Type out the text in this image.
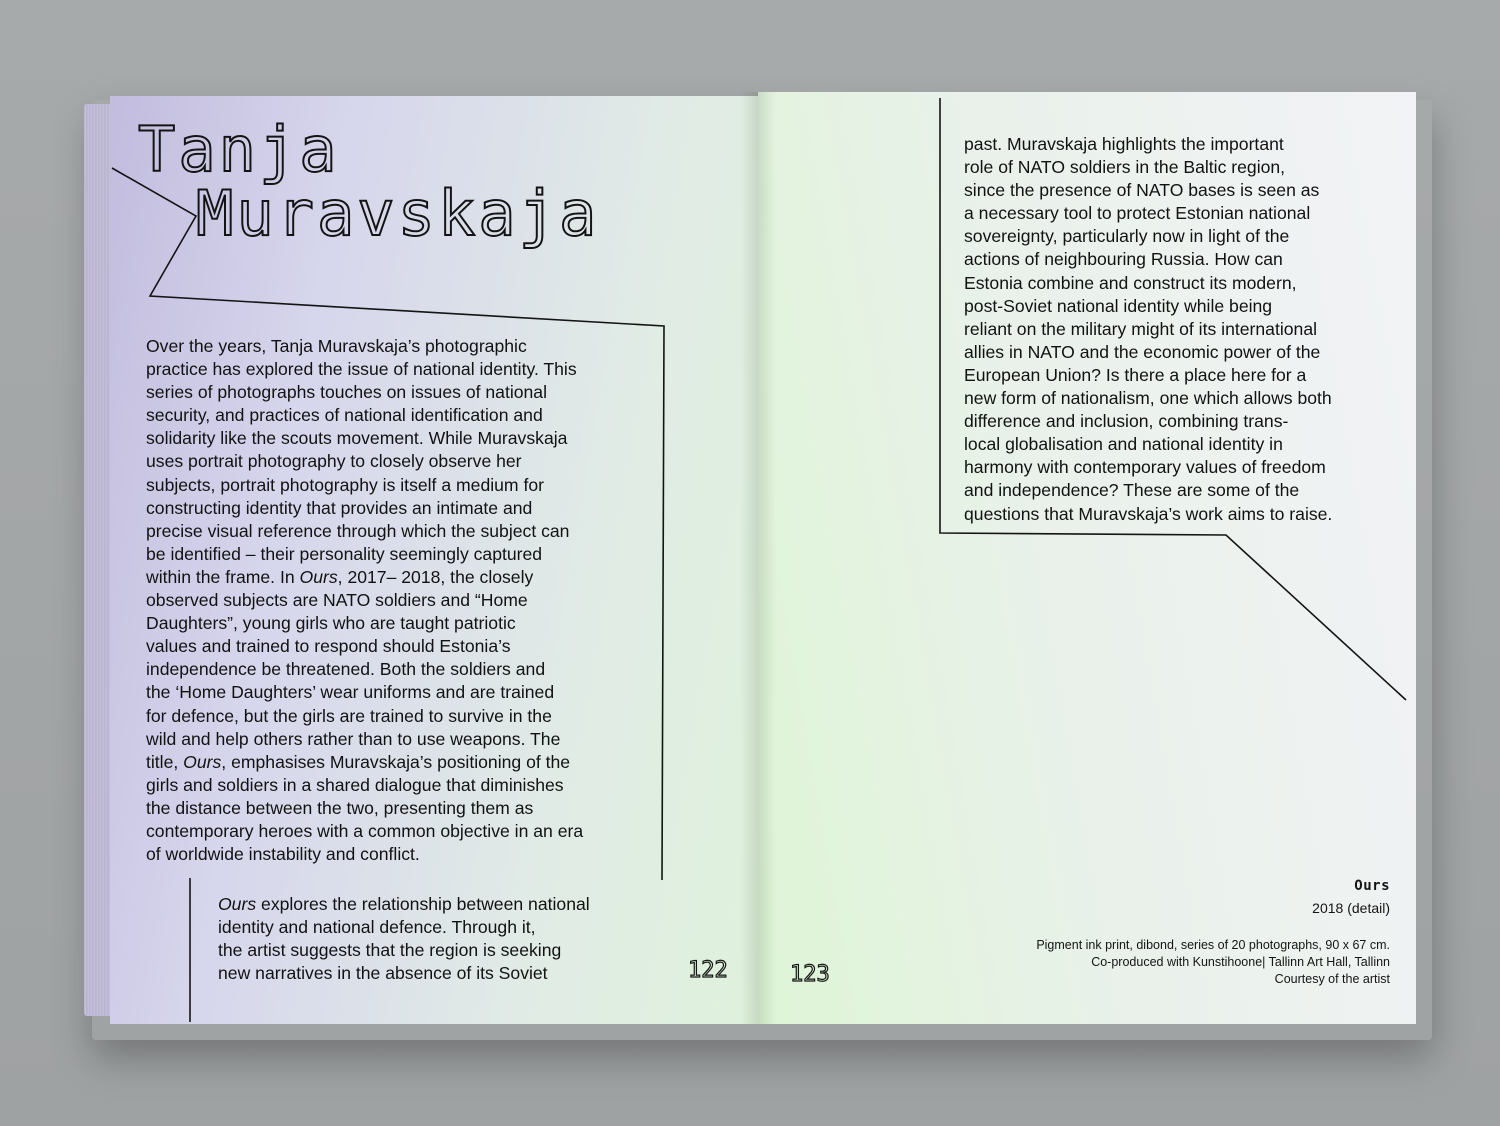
Tanja
Muravskaja
Over the years, Tanja Muravskaja’s photographic
practice has explored the issue of national identity. This
series of photographs touches on issues of national
security, and practices of national identification and
solidarity like the scouts movement. While Muravskaja
uses portrait photography to closely observe her
subjects, portrait photography is itself a medium for
constructing identity that provides an intimate and
precise visual reference through which the subject can
be identified – their personality seemingly captured
within the frame. In Ours, 2017– 2018, the closely
observed subjects are NATO soldiers and “Home
Daughters”, young girls who are taught patriotic
values and trained to respond should Estonia’s
independence be threatened. Both the soldiers and
the ‘Home Daughters’ wear uniforms and are trained
for defence, but the girls are trained to survive in the
wild and help others rather than to use weapons. The
title, Ours, emphasises Muravskaja’s positioning of the
girls and soldiers in a shared dialogue that diminishes
the distance between the two, presenting them as
contemporary heroes with a common objective in an era
of worldwide instability and conflict.
Ours explores the relationship between national
identity and national defence. Through it,
the artist suggests that the region is seeking
new narratives in the absence of its Soviet	122	123
past. Muravskaja highlights the important
role of NATO soldiers in the Baltic region,
since the presence of NATO bases is seen as
a necessary tool to protect Estonian national
sovereignty, particularly now in light of the
actions of neighbouring Russia. How can
Estonia combine and construct its modern,
post-Soviet national identity while being
reliant on the military might of its international
allies in NATO and the economic power of the
European Union? Is there a place here for a
new form of nationalism, one which allows both
difference and inclusion, combining trans-
local globalisation and national identity in
harmony with contemporary values of freedom
and independence? These are some of the
questions that Muravskaja’s work aims to raise.
Ours
2018 (detail)
Pigment ink print, dibond, series of 20 photographs, 90 x 67 cm.
Co-produced with Kunstihoone| Tallinn Art Hall, Tallinn
Courtesy of the artist
